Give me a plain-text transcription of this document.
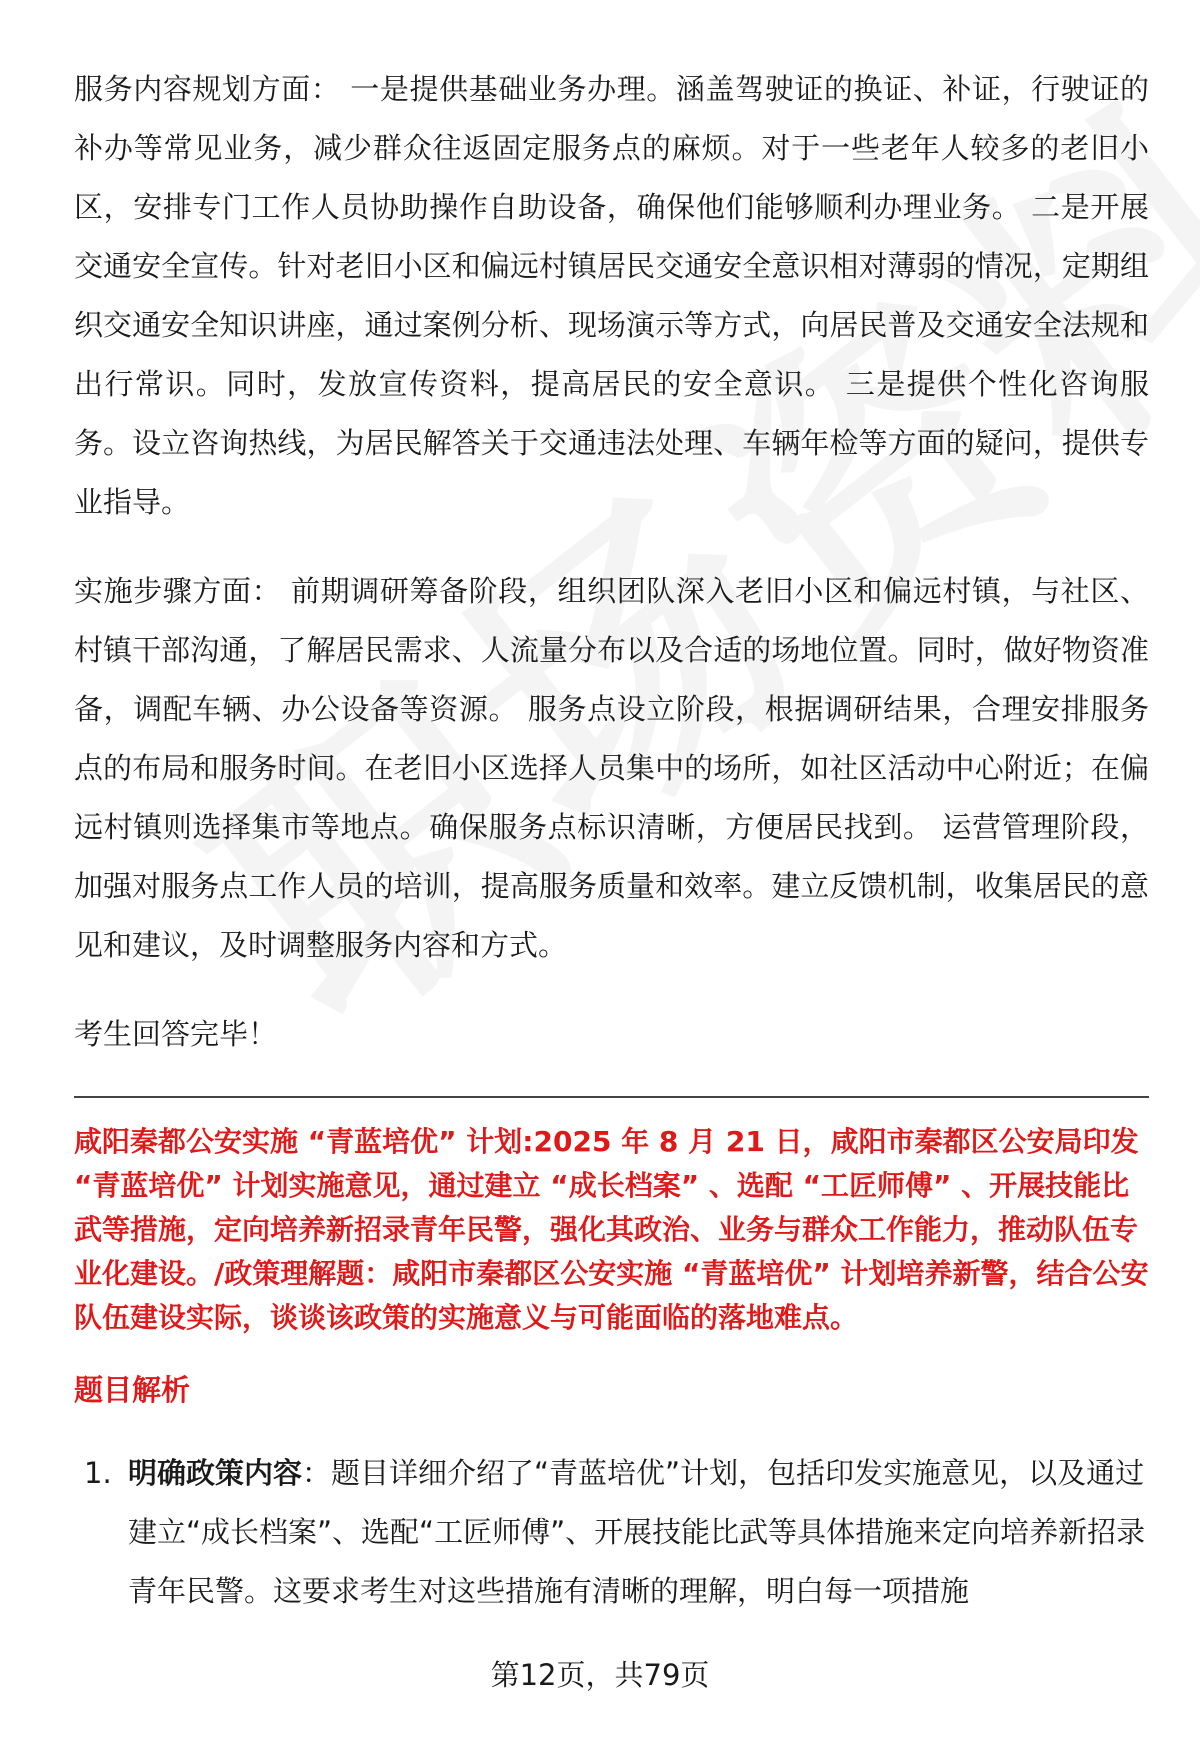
服务内容规划方面： 一是提供基础业务办理。涵盖驾驶证的换证、补证，行驶证的补办等常见业务，减少群众往返固定服务点的麻烦。对于一些老年人较多的老旧小区，安排专门工作人员协助操作自助设备，确保他们能够顺利办理业务。 二是开展交通安全宣传。针对老旧小区和偏远村镇居民交通安全意识相对薄弱的情况，定期组织交通安全知识讲座，通过案例分析、现场演示等方式，向居民普及交通安全法规和出行常识。同时，发放宣传资料，提高居民的安全意识。 三是提供个性化咨询服务。设立咨询热线，为居民解答关于交通违法处理、车辆年检等方面的疑问，提供专业指导。

实施步骤方面： 前期调研筹备阶段，组织团队深入老旧小区和偏远村镇，与社区、村镇干部沟通，了解居民需求、人流量分布以及合适的场地位置。同时，做好物资准备，调配车辆、办公设备等资源。 服务点设立阶段，根据调研结果，合理安排服务点的布局和服务时间。在老旧小区选择人员集中的场所，如社区活动中心附近；在偏远村镇则选择集市等地点。确保服务点标识清晰，方便居民找到。 运营管理阶段，加强对服务点工作人员的培训，提高服务质量和效率。建立反馈机制，收集居民的意见和建议，及时调整服务内容和方式。

考生回答完毕！

咸阳秦都公安实施 “青蓝培优” 计划:2025 年 8 月 21 日，咸阳市秦都区公安局印发 “青蓝培优” 计划实施意见，通过建立 “成长档案” 、选配 “工匠师傅” 、开展技能比武等措施，定向培养新招录青年民警，强化其政治、业务与群众工作能力，推动队伍专业化建设。/政策理解题：咸阳市秦都区公安实施 “青蓝培优” 计划培养新警，结合公安队伍建设实际，谈谈该政策的实施意义与可能面临的落地难点。

题目解析

1. 明确政策内容：题目详细介绍了“青蓝培优”计划，包括印发实施意见，以及通过建立“成长档案”、选配“工匠师傅”、开展技能比武等具体措施来定向培养新招录青年民警。这要求考生对这些措施有清晰的理解，明白每一项措施
第12页，共79页
